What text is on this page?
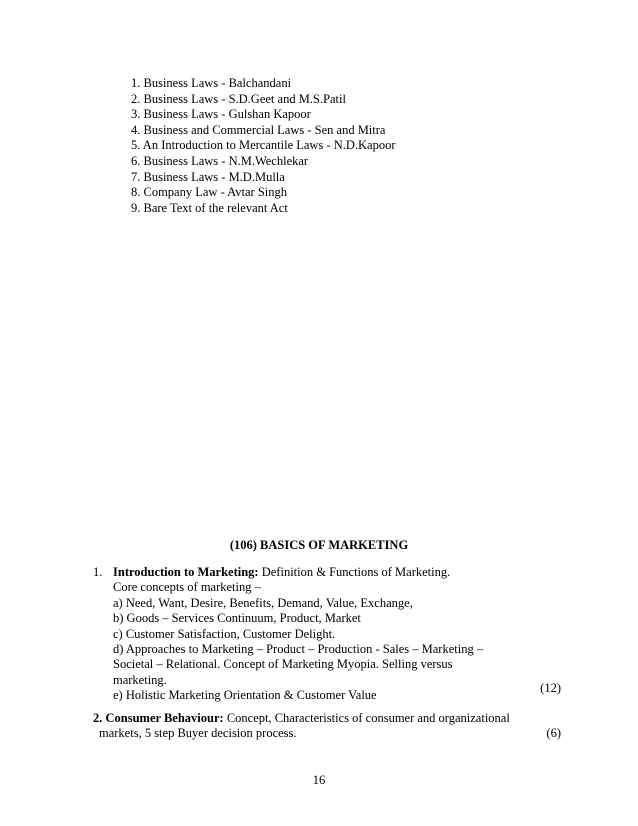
1. Business Laws - Balchandani
2. Business Laws - S.D.Geet and M.S.Patil
3. Business Laws - Gulshan Kapoor
4. Business and Commercial Laws - Sen and Mitra
5. An Introduction to Mercantile Laws - N.D.Kapoor
6. Business Laws - N.M.Wechlekar
7. Business Laws - M.D.Mulla
8. Company Law - Avtar Singh
9. Bare Text of the relevant Act

(106) BASICS OF MARKETING

1. Introduction to Marketing: Definition & Functions of Marketing.
Core concepts of marketing –
a) Need, Want, Desire, Benefits, Demand, Value, Exchange,
b) Goods – Services Continuum, Product, Market
c) Customer Satisfaction, Customer Delight.
d) Approaches to Marketing – Product – Production - Sales – Marketing –
Societal – Relational. Concept of Marketing Myopia. Selling versus
marketing.
e) Holistic Marketing Orientation & Customer Value
(12)
2. Consumer Behaviour: Concept, Characteristics of consumer and organizational
markets, 5 step Buyer decision process.	(6)
16
